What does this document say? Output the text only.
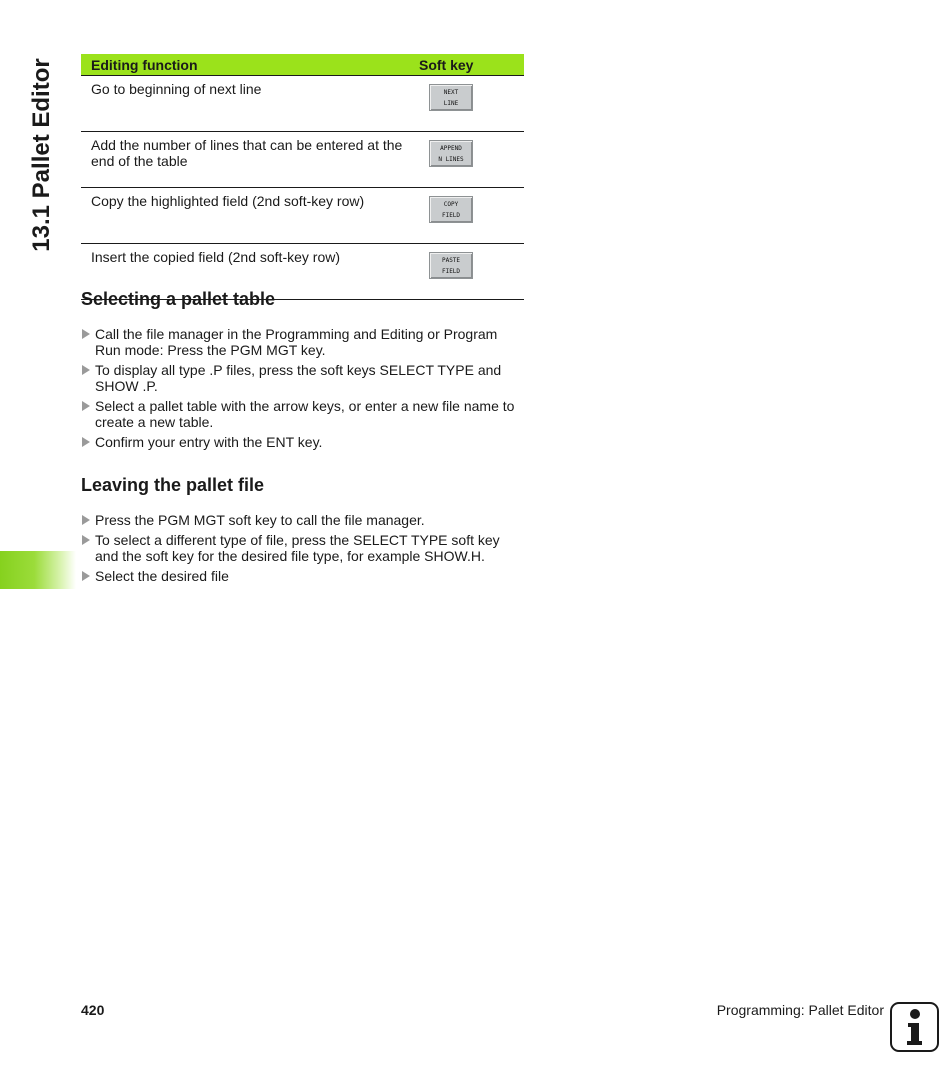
13.1 Pallet Editor	Editing function	Soft key
Go to beginning of next line	NEXT
LINE

Add the number of lines that can be entered at the end of the table	APPEND
N LINES

Copy the highlighted field (2nd soft-key row)	COPY
FIELD

Insert the copied field (2nd soft-key row)	PASTE
FIELD
Selecting a pallet table
Call the file manager in the Programming and Editing or Program Run mode: Press the PGM MGT key.
To display all type .P files, press the soft keys SELECT TYPE and SHOW .P.
Select a pallet table with the arrow keys, or enter a new file name to create a new table.
Confirm your entry with the ENT key.
Leaving the pallet file
Press the PGM MGT soft key to call the file manager.
To select a different type of file, press the SELECT TYPE soft key and the soft key for the desired file type, for example SHOW.H.
Select the desired file
420	Programming: Pallet Editor
